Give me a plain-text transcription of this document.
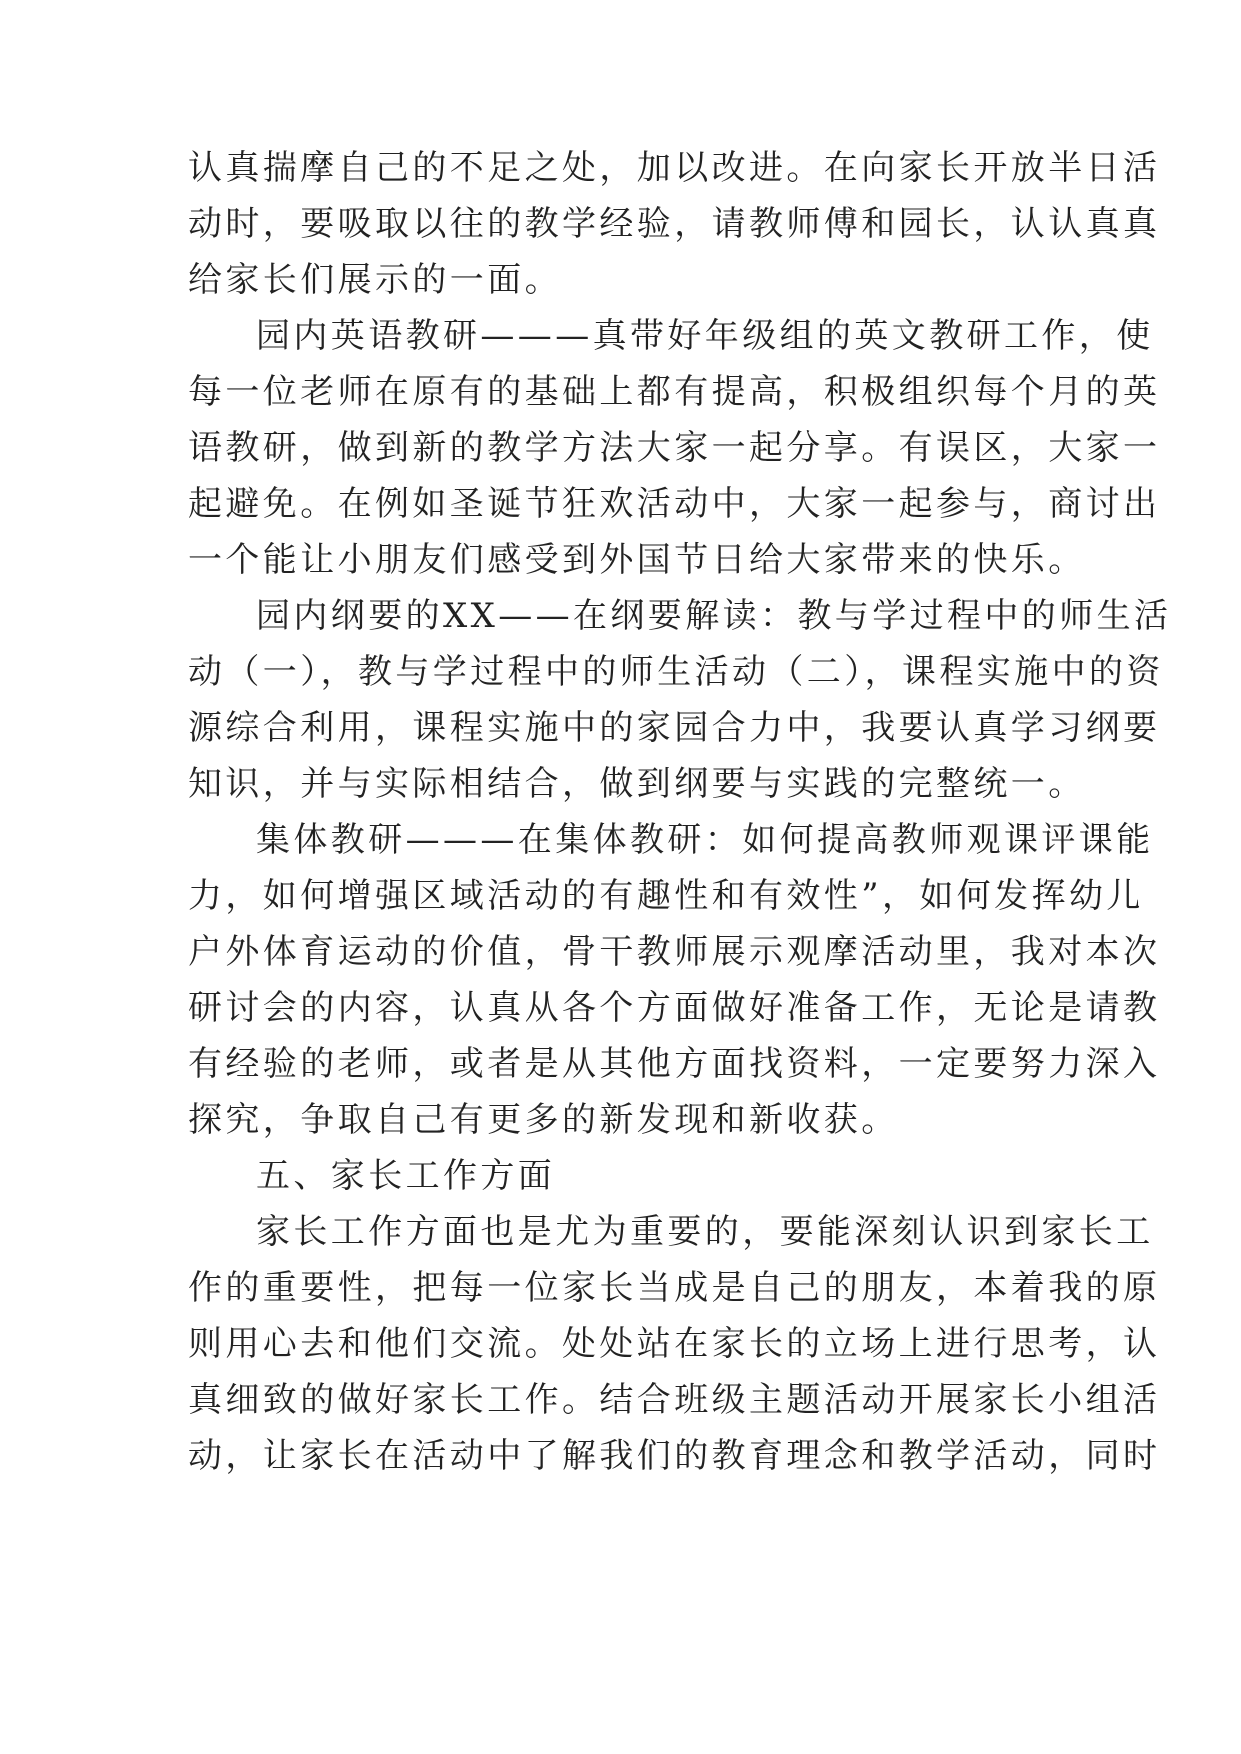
认真揣摩自己的不足之处，加以改进。在向家长开放半日活
动时，要吸取以往的教学经验，请教师傅和园长，认认真真
给家长们展示的一面。
园内英语教研———真带好年级组的英文教研工作，使
每一位老师在原有的基础上都有提高，积极组织每个月的英
语教研，做到新的教学方法大家一起分享。有误区，大家一
起避免。在例如圣诞节狂欢活动中，大家一起参与，商讨出
一个能让小朋友们感受到外国节日给大家带来的快乐。
园内纲要的XX——在纲要解读：教与学过程中的师生活
动（一），教与学过程中的师生活动（二），课程实施中的资
源综合利用，课程实施中的家园合力中，我要认真学习纲要
知识，并与实际相结合，做到纲要与实践的完整统一。
集体教研———在集体教研：如何提高教师观课评课能
力，如何增强区域活动的有趣性和有效性”，如何发挥幼儿
户外体育运动的价值，骨干教师展示观摩活动里，我对本次
研讨会的内容，认真从各个方面做好准备工作，无论是请教
有经验的老师，或者是从其他方面找资料，一定要努力深入
探究，争取自己有更多的新发现和新收获。
五、家长工作方面
家长工作方面也是尤为重要的，要能深刻认识到家长工
作的重要性，把每一位家长当成是自己的朋友，本着我的原
则用心去和他们交流。处处站在家长的立场上进行思考，认
真细致的做好家长工作。结合班级主题活动开展家长小组活
动，让家长在活动中了解我们的教育理念和教学活动，同时
